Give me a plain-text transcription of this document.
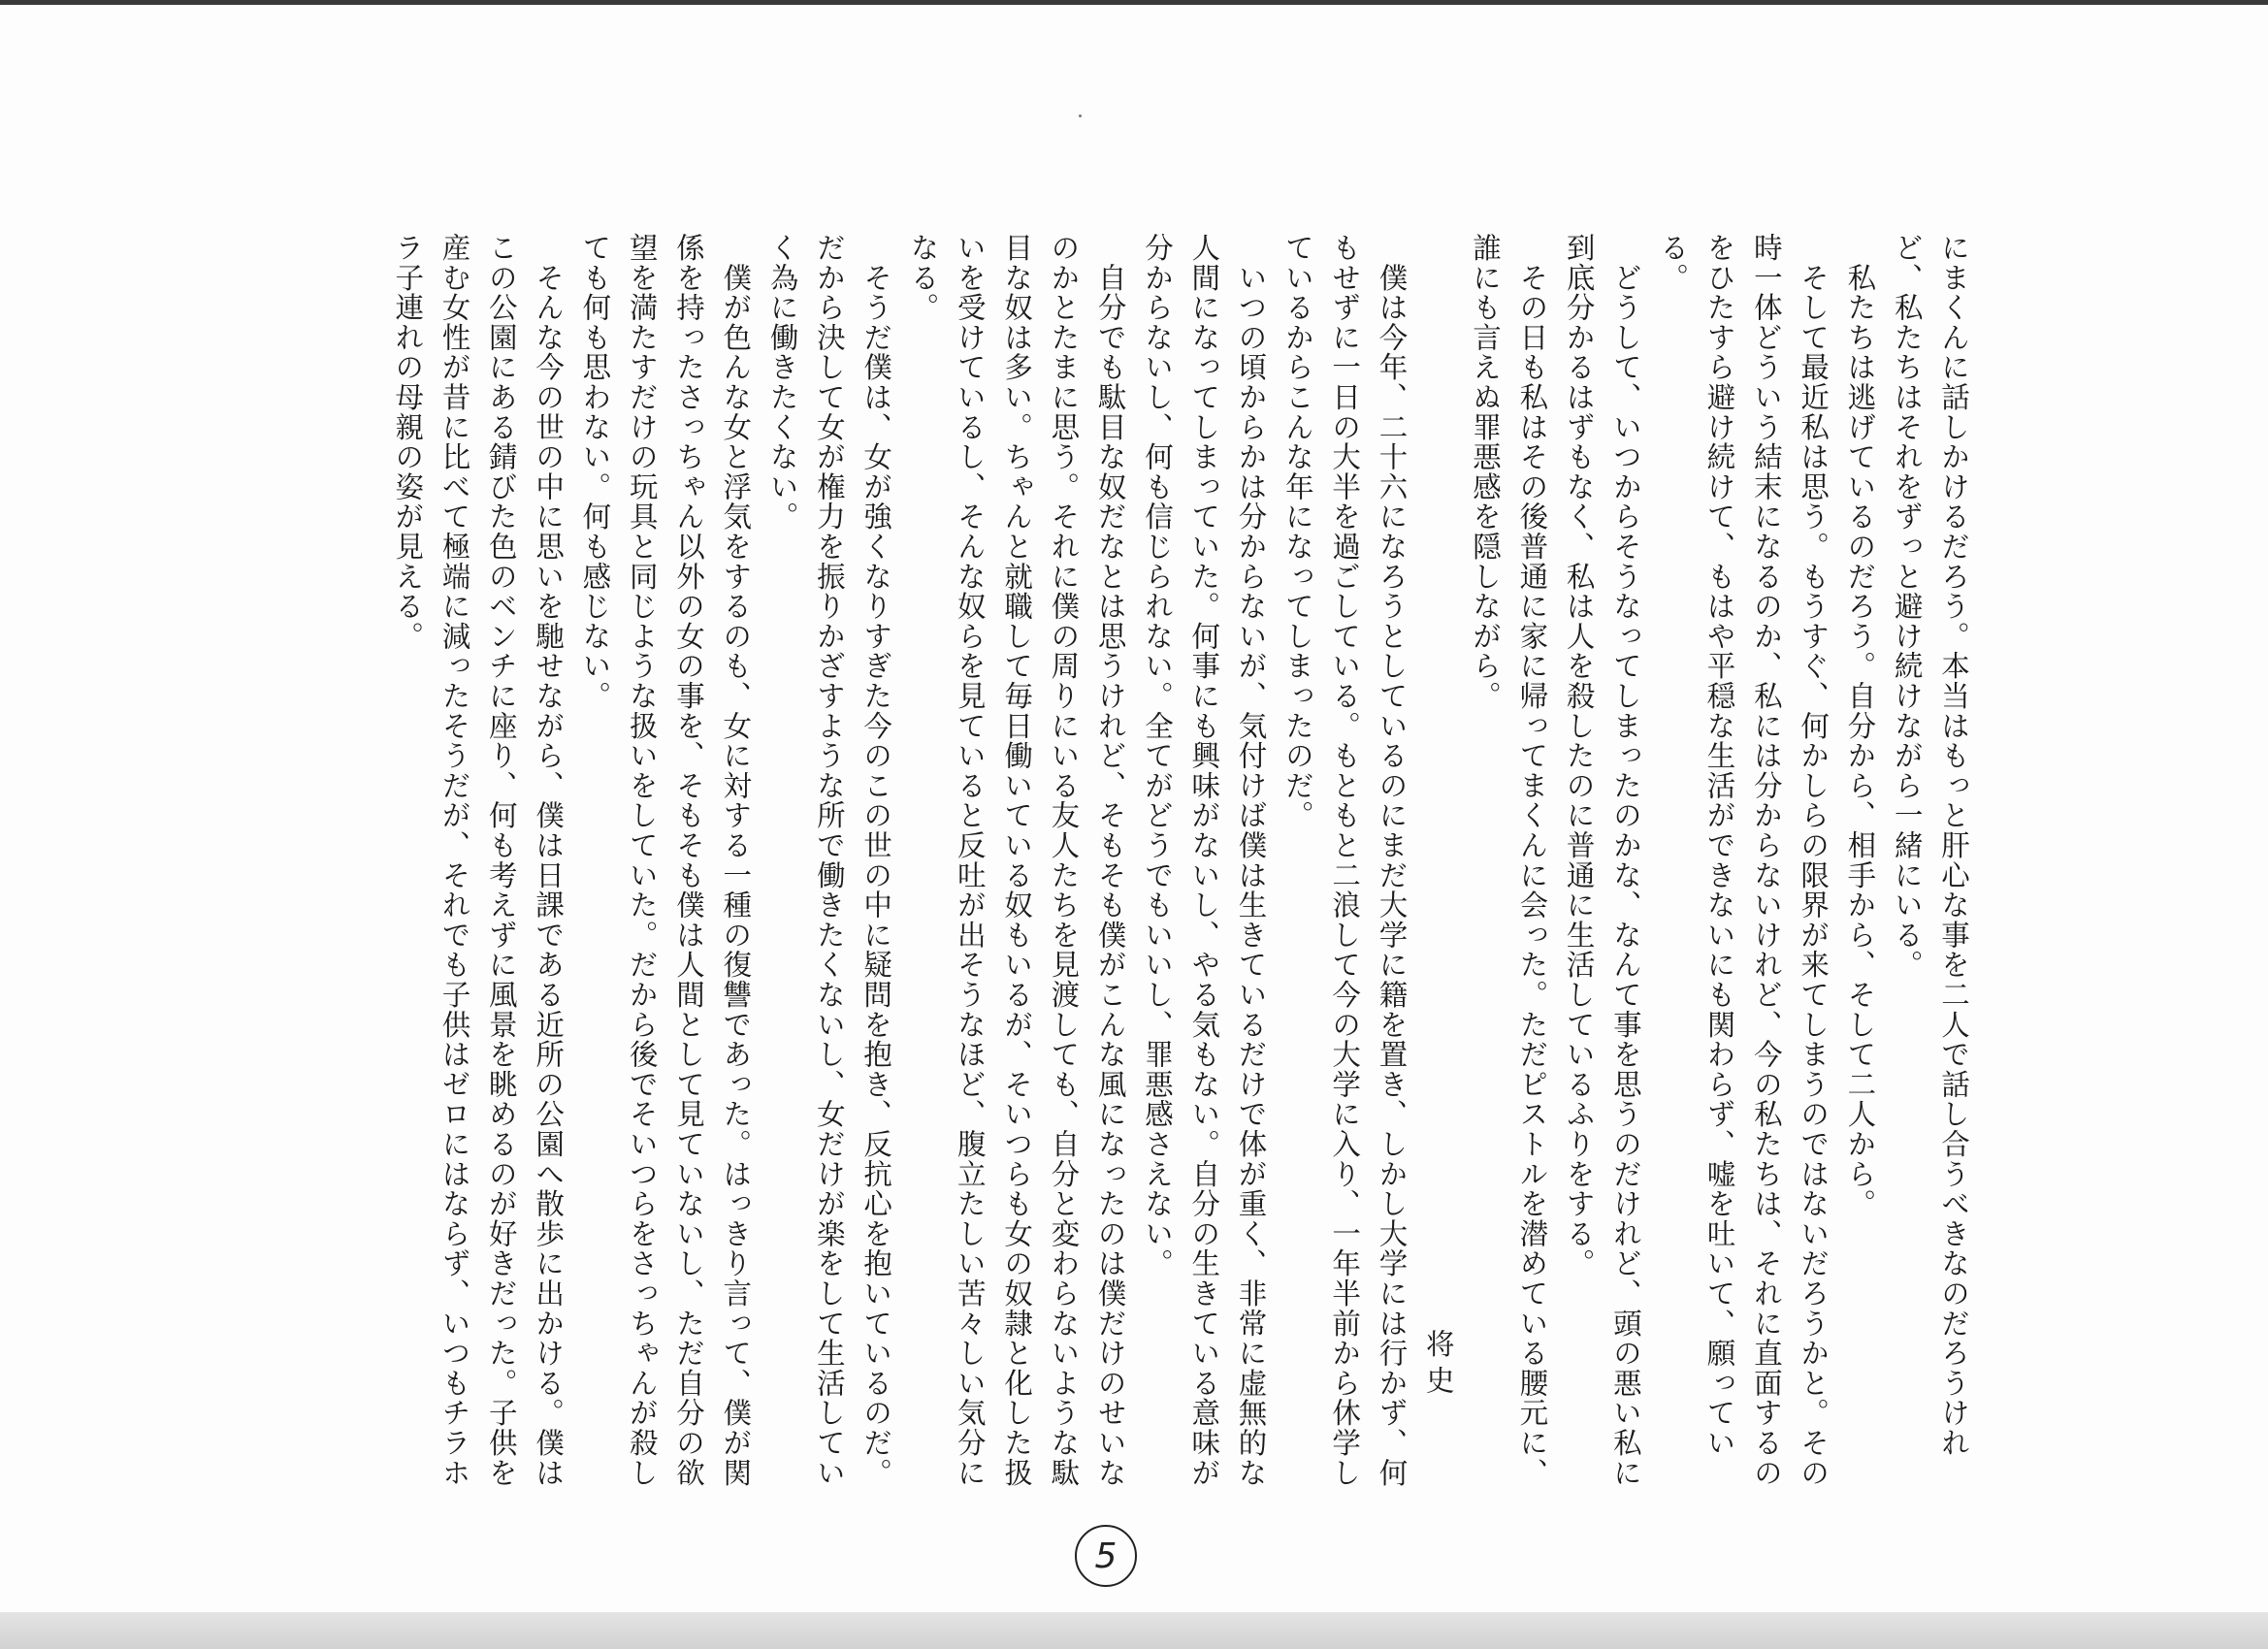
にまくんに話しかけるだろう。本当はもっと肝心な事を二人で話し合うべきなのだろうけれど、私たちはそれをずっと避け続けながら一緒にいる。

　私たちは逃げているのだろう。自分から、相手から、そして二人から。

　そして最近私は思う。もうすぐ、何かしらの限界が来てしまうのではないだろうかと。その時一体どういう結末になるのか、私には分からないけれど、今の私たちは、それに直面するのをひたすら避け続けて、もはや平穏な生活ができないにも関わらず、嘘を吐いて、願っている。

　どうして、いつからそうなってしまったのかな、なんて事を思うのだけれど、頭の悪い私に到底分かるはずもなく、私は人を殺したのに普通に生活しているふりをする。

　その日も私はその後普通に家に帰ってまくんに会った。ただピストルを潜めている腰元に、誰にも言えぬ罪悪感を隠しながら。

将史

　僕は今年、二十六になろうとしているのにまだ大学に籍を置き、しかし大学には行かず、何もせずに一日の大半を過ごしている。もともと二浪して今の大学に入り、一年半前から休学しているからこんな年になってしまったのだ。

　いつの頃からかは分からないが、気付けば僕は生きているだけで体が重く、非常に虚無的な人間になってしまっていた。何事にも興味がないし、やる気もない。自分の生きている意味が分からないし、何も信じられない。全てがどうでもいいし、罪悪感さえない。

　自分でも駄目な奴だなとは思うけれど、そもそも僕がこんな風になったのは僕だけのせいなのかとたまに思う。それに僕の周りにいる友人たちを見渡しても、自分と変わらないような駄目な奴は多い。ちゃんと就職して毎日働いている奴もいるが、そいつらも女の奴隷と化した扱いを受けているし、そんな奴らを見ていると反吐が出そうなほど、腹立たしい苦々しい気分になる。

　そうだ僕は、女が強くなりすぎた今のこの世の中に疑問を抱き、反抗心を抱いているのだ。だから決して女が権力を振りかざすような所で働きたくないし、女だけが楽をして生活していく為に働きたくない。

　僕が色んな女と浮気をするのも、女に対する一種の復讐であった。はっきり言って、僕が関係を持ったさっちゃん以外の女の事を、そもそも僕は人間として見ていないし、ただ自分の欲望を満たすだけの玩具と同じような扱いをしていた。だから後でそいつらをさっちゃんが殺しても何も思わない。何も感じない。

　そんな今の世の中に思いを馳せながら、僕は日課である近所の公園へ散歩に出かける。僕はこの公園にある錆びた色のベンチに座り、何も考えずに風景を眺めるのが好きだった。子供を産む女性が昔に比べて極端に減ったそうだが、それでも子供はゼロにはならず、いつもチラホラ子連れの母親の姿が見える。

5
